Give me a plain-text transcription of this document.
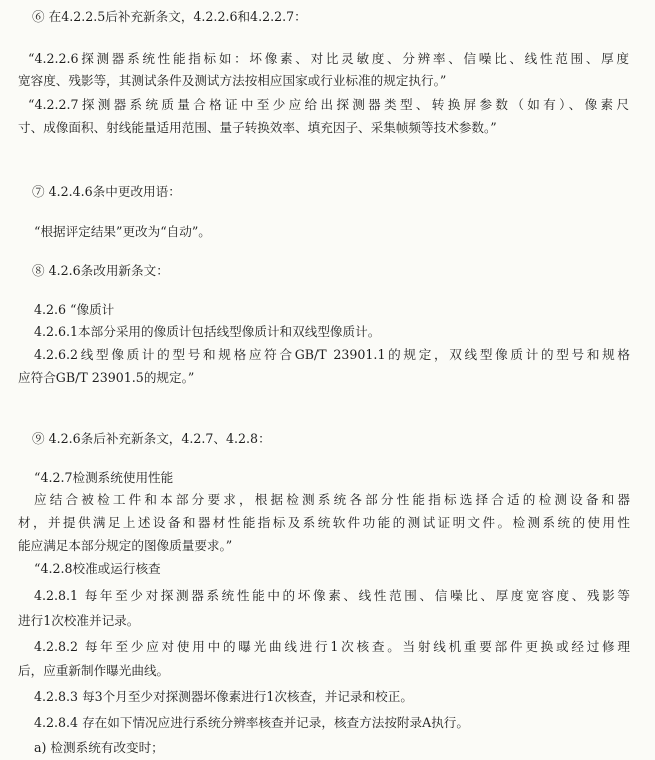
⑥ 在4.2.2.5后补充新条文，4.2.2.6和4.2.2.7：
“4.2.2.6探测器系统性能指标如：坏像素、对比灵敏度、分辨率、信噪比、线性范围、厚度
宽容度、残影等，其测试条件及测试方法按相应国家或行业标准的规定执行。”
“4.2.2.7探测器系统质量合格证中至少应给出探测器类型、转换屏参数（如有）、像素尺
寸、成像面积、射线能量适用范围、量子转换效率、填充因子、采集帧频等技术参数。”
⑦ 4.2.4.6条中更改用语：
“根据评定结果”更改为“自动”。
⑧ 4.2.6条改用新条文：
4.2.6 “像质计
4.2.6.1本部分采用的像质计包括线型像质计和双线型像质计。
4.2.6.2线型像质计的型号和规格应符合GB/T 23901.1的规定，双线型像质计的型号和规格
应符合GB/T 23901.5的规定。”
⑨ 4.2.6条后补充新条文，4.2.7、4.2.8：
“4.2.7检测系统使用性能
应结合被检工件和本部分要求，根据检测系统各部分性能指标选择合适的检测设备和器
材，并提供满足上述设备和器材性能指标及系统软件功能的测试证明文件。检测系统的使用性
能应满足本部分规定的图像质量要求。”
“4.2.8校准或运行核查
4.2.8.1 每年至少对探测器系统性能中的坏像素、线性范围、信噪比、厚度宽容度、残影等
进行1次校准并记录。
4.2.8.2 每年至少应对使用中的曝光曲线进行1次核查。当射线机重要部件更换或经过修理
后，应重新制作曝光曲线。
4.2.8.3 每3个月至少对探测器坏像素进行1次核查，并记录和校正。
4.2.8.4 存在如下情况应进行系统分辨率核查并记录，核查方法按附录A执行。
a) 检测系统有改变时；
